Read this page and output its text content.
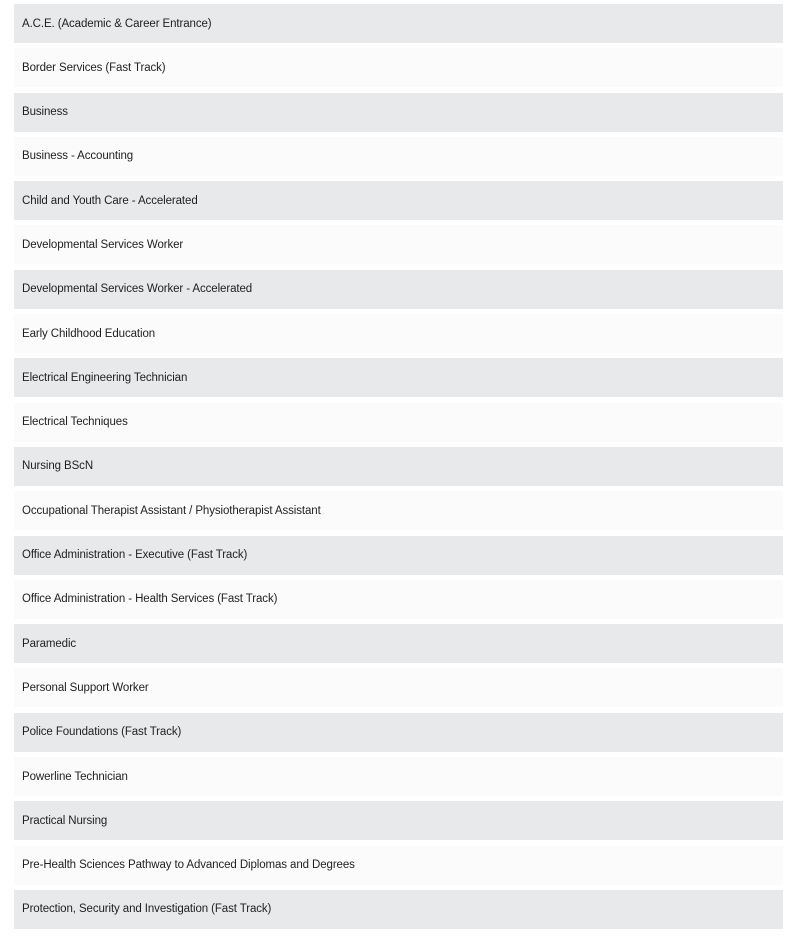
A.C.E. (Academic & Career Entrance)
Border Services (Fast Track)
Business
Business - Accounting
Child and Youth Care - Accelerated
Developmental Services Worker
Developmental Services Worker - Accelerated
Early Childhood Education
Electrical Engineering Technician
Electrical Techniques
Nursing BScN
Occupational Therapist Assistant / Physiotherapist Assistant
Office Administration - Executive (Fast Track)
Office Administration - Health Services (Fast Track)
Paramedic
Personal Support Worker
Police Foundations (Fast Track)
Powerline Technician
Practical Nursing
Pre-Health Sciences Pathway to Advanced Diplomas and Degrees
Protection, Security and Investigation (Fast Track)
